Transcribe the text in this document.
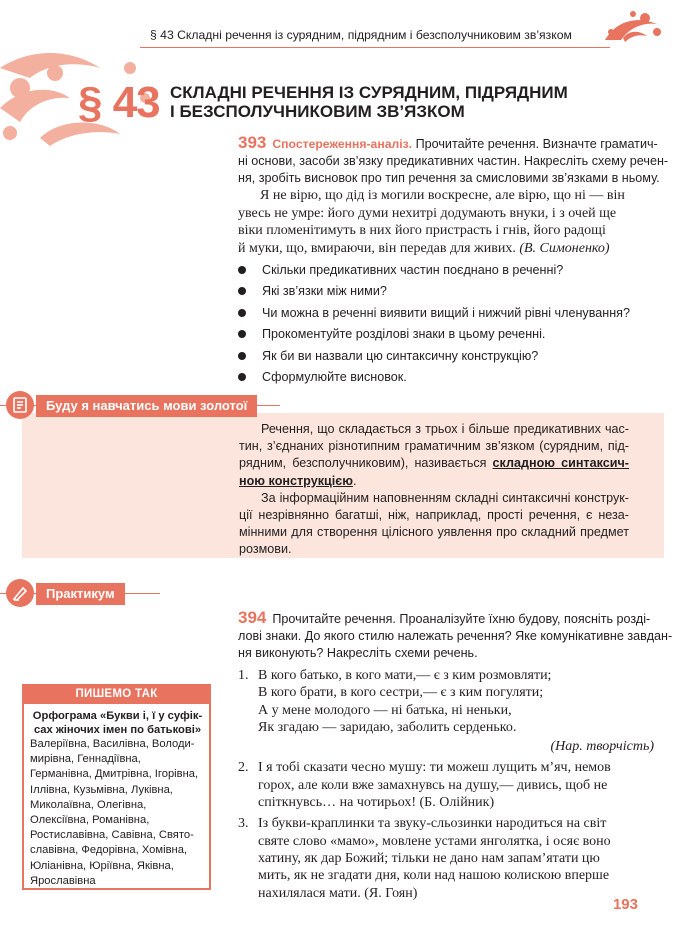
§ 43 Складні речення із сурядним, підрядним і безсполучниковим зв’язком
§ 43 СКЛАДНІ РЕЧЕННЯ ІЗ СУРЯДНИМ, ПІДРЯДНИМ
І БЕЗСПОЛУЧНИКОВИМ ЗВ’ЯЗКОМ
393 Спостереження-аналіз. Прочитайте речення. Визначте граматич-
ні основи, засоби зв’язку предикативних частин. Накресліть схему речен-
ня, зробіть висновок про тип речення за смисловими зв’язками в ньому.
Я не вірю, що дід із могили воскресне, але вірю, що ні — він
увесь не умре: його думи нехитрі додумають внуки, і з очей ще
віки пломенітимуть в них його пристрасть і гнів, його радощі
й муки, що, вмираючи, він передав для живих. (В. Симоненко)
Скільки предикативних частин поєднано в реченні?
Які зв’язки між ними?
Чи можна в реченні виявити вищий і нижчий рівні членування?
Прокоментуйте розділові знаки в цьому реченні.
Як би ви назвали цю синтаксичну конструкцію?
Сформулюйте висновок.
Буду я навчатись мови золотої

Речення, що складається з трьох і більше предикативних час-тин, з’єднаних різнотипним граматичним зв’язком (сурядним, під-рядним, безсполучниковим), називається складною синтаксич-ною конструкцією.

За інформаційним наповненням складні синтаксичні конструк-ції незрівнянно багатші, ніж, наприклад, прості речення, є неза-мінними для створення цілісного уявлення про складний предмет розмови.

Практикум
394 Прочитайте речення. Проаналізуйте їхню будову, поясніть розді-
лові знаки. До якого стилю належать речення? Яке комунікативне завдан-
ня виконують? Накресліть схеми речень.
1. В кого батько, в кого мати,— є з ким розмовляти;
В кого брати, в кого сестри,— є з ким погуляти;
А у мене молодого — ні батька, ні неньки,
Як згадаю — заридаю, заболить серденько.
(Нар. творчість)
2. І я тобі сказати чесно мушу: ти можеш лущить м’яч, немов
горох, але коли вже замахнувсь на душу,— дивись, щоб не
спіткнувсь… на чотирьох! (Б. Олійник)
3. Із букви-краплинки та звуку-сльозинки народиться на світ
святе слово «мамо», мовлене устами янголятка, і осяє воно
хатину, як дар Божий; тільки не дано нам запам’ятати цю
мить, як не згадати дня, коли над нашою колискою вперше
нахилялася мати. (Я. Гоян)
ПИШЕМО ТАК
Орфограма «Букви і, ї у суфік-сах жіночих імен по батькові»
Валеріївна, Василівна, Володи-мирівна, Геннадіївна, Германівна, Дмитрівна, Ігорівна, Іллівна, Кузьмівна, Луківна, Миколаївна, Олегівна, Олексіївна, Романівна, Ростиславівна, Савівна, Свято-славівна, Федорівна, Хомівна, Юліанівна, Юріївна, Яківна, Ярославівна
193
